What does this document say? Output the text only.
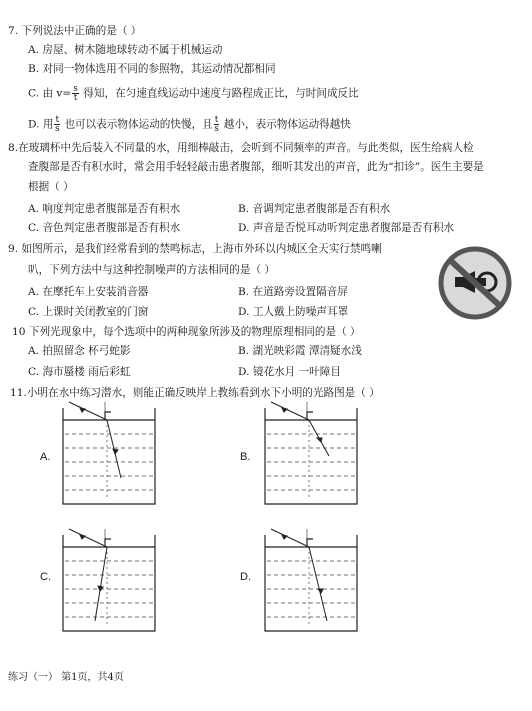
7. 下列说法中正确的是（ ）
A. 房屋、树木随地球转动不属于机械运动
B. 对同一物体选用不同的参照物，其运动情况都相同
C. 由 $v= \frac{s}{t}$ 得知，在匀速直线运动中速度与路程成正比，与时间成反比
D. 用 $\frac{t}{s}$ 也可以表示物体运动的快慢，且 $\frac{t}{s}$ 越小，表示物体运动得越快
8.在玻璃杯中先后装入不同量的水，用细棒敲击，会听到不同频率的声音。与此类似，医生给病人检
查腹部是否有积水时，常会用手轻轻敲击患者腹部，细听其发出的声音，此为“扣诊”。医生主要是
根据（ ）
A. 响度判定患者腹部是否有积水	B. 音调判定患者腹部是否有积水
C. 音色判定患者腹部是否有积水	D. 声音是否悦耳动听判定患者腹部是否有积水
9. 如图所示，是我们经常看到的禁鸣标志，上海市外环以内城区全天实行禁鸣喇
叭，下列方法中与这种控制噪声的方法相同的是（ ）
A. 在摩托车上安装消音器	B. 在道路旁设置隔音屏
C. 上课时关闭教室的门窗	D. 工人戴上防噪声耳罩
10 下列光现象中，每个选项中的两种现象所涉及的物理原理相同的是（ ）
A. 拍照留念 杯弓蛇影	B. 湖光映彩霞 潭清疑水浅
C. 海市蜃楼 雨后彩虹	D. 镜花水月 一叶障目
11.小明在水中练习潜水，则能正确反映岸上教练看到水下小明的光路图是（ ）
A.	B.
C.	D.
练习（一） 第1页，共4页
